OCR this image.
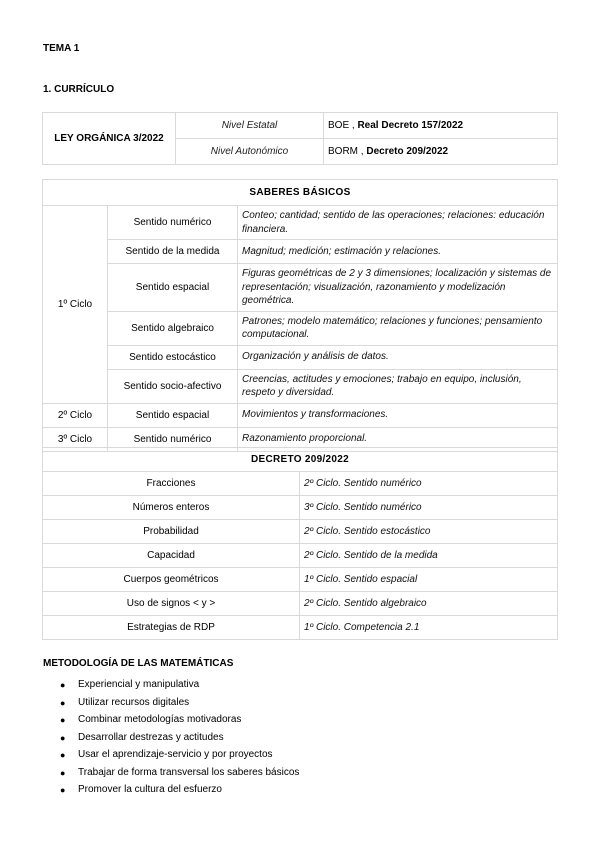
TEMA 1
1. CURRÍCULO
LEY ORGÁNICA 3/2022	Nivel Estatal	BOE , Real Decreto 157/2022
	Nivel Autonómico	BORM , Decreto 209/2022
SABERES BÁSICOS		
1º Ciclo	Sentido numérico	Conteo; cantidad; sentido de las operaciones; relaciones: educación financiera.
	Sentido de la medida	Magnitud; medición; estimación y relaciones.
	Sentido espacial	Figuras geométricas de 2 y 3 dimensiones; localización y sistemas de representación; visualización, razonamiento y modelización geométrica.
	Sentido algebraico	Patrones; modelo matemático; relaciones y funciones; pensamiento computacional.
	Sentido estocástico	Organización y análisis de datos.
	Sentido socio-afectivo	Creencias, actitudes y emociones; trabajo en equipo, inclusión, respeto y diversidad.
2º Ciclo	Sentido espacial	Movimientos y transformaciones.
3º Ciclo	Sentido numérico	Razonamiento proporcional.
DECRETO 209/2022	
Fracciones	2º Ciclo. Sentido numérico
Números enteros	3º Ciclo. Sentido numérico
Probabilidad	2º Ciclo. Sentido estocástico
Capacidad	2º Ciclo. Sentido de la medida
Cuerpos geométricos	1º Ciclo. Sentido espacial
Uso de signos < y >	2º Ciclo. Sentido algebraico
Estrategias de RDP	1º Ciclo. Competencia 2.1
METODOLOGÍA DE LAS MATEMÁTICAS
● Experiencial y manipulativa
● Utilizar recursos digitales
● Combinar metodologías motivadoras
● Desarrollar destrezas y actitudes
● Usar el aprendizaje-servicio y por proyectos
● Trabajar de forma transversal los saberes básicos
● Promover la cultura del esfuerzo
